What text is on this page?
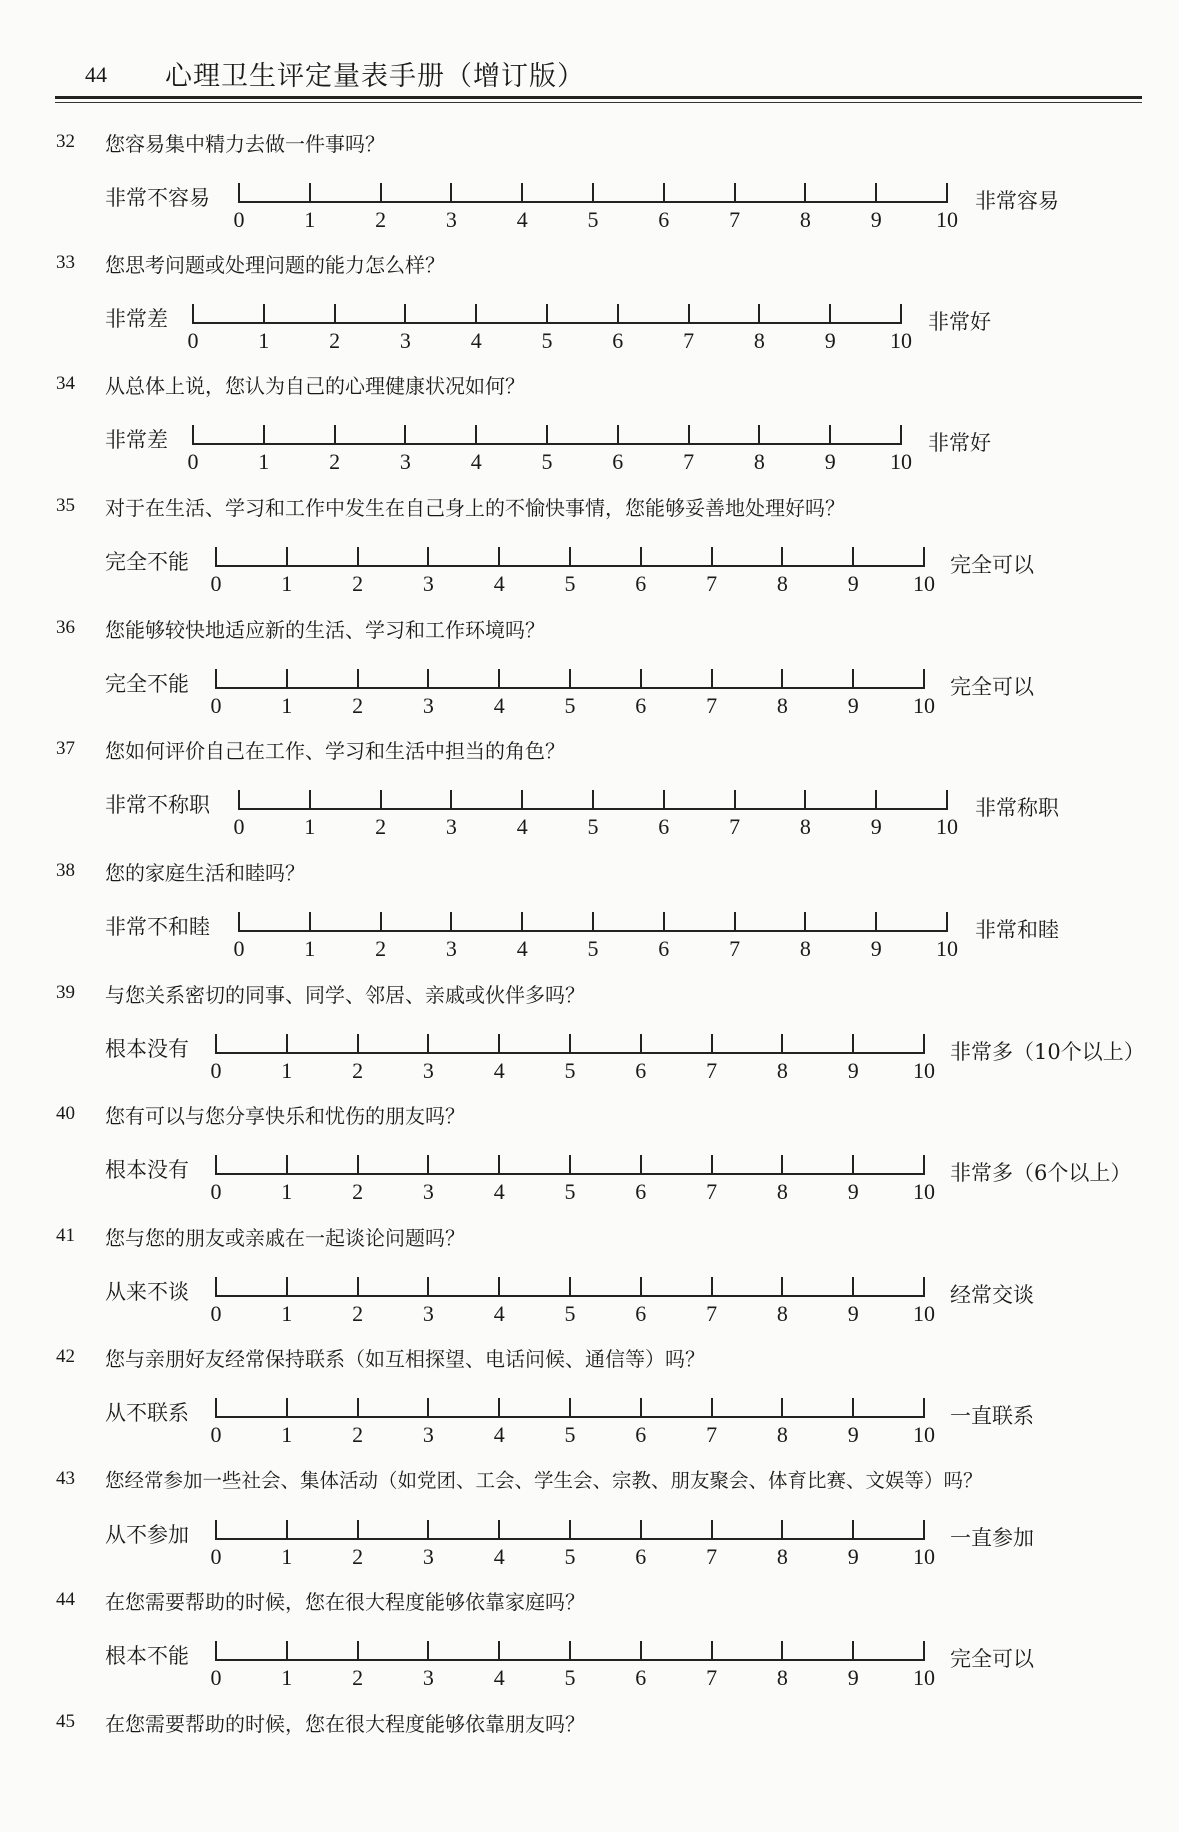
44 心理卫生评定量表手册（增订版）
32 您容易集中精力去做一件事吗？
非常不容易
0	1	2	3	4	5	6	7	8	9	10
非常容易
33 您思考问题或处理问题的能力怎么样？
非常差
0	1	2	3	4	5	6	7	8	9	10
非常好
34 从总体上说，您认为自己的心理健康状况如何？
非常差
0	1	2	3	4	5	6	7	8	9	10
非常好
35 对于在生活、学习和工作中发生在自己身上的不愉快事情，您能够妥善地处理好吗？
完全不能
0	1	2	3	4	5	6	7	8	9	10
完全可以
36 您能够较快地适应新的生活、学习和工作环境吗？
完全不能
0	1	2	3	4	5	6	7	8	9	10
完全可以
37 您如何评价自己在工作、学习和生活中担当的角色？
非常不称职
0	1	2	3	4	5	6	7	8	9	10
非常称职
38 您的家庭生活和睦吗？
非常不和睦
0	1	2	3	4	5	6	7	8	9	10
非常和睦
39 与您关系密切的同事、同学、邻居、亲戚或伙伴多吗？
根本没有
0	1	2	3	4	5	6	7	8	9	10
非常多（10个以上）
40 您有可以与您分享快乐和忧伤的朋友吗？
根本没有
0	1	2	3	4	5	6	7	8	9	10
非常多（6个以上）
41 您与您的朋友或亲戚在一起谈论问题吗？
从来不谈
0	1	2	3	4	5	6	7	8	9	10
经常交谈
42 您与亲朋好友经常保持联系（如互相探望、电话问候、通信等）吗？
从不联系
0	1	2	3	4	5	6	7	8	9	10
一直联系
43 您经常参加一些社会、集体活动（如党团、工会、学生会、宗教、朋友聚会、体育比赛、文娱等）吗？
从不参加
0	1	2	3	4	5	6	7	8	9	10
一直参加
44 在您需要帮助的时候，您在很大程度能够依靠家庭吗？
根本不能
0	1	2	3	4	5	6	7	8	9	10
完全可以
45 在您需要帮助的时候，您在很大程度能够依靠朋友吗？
